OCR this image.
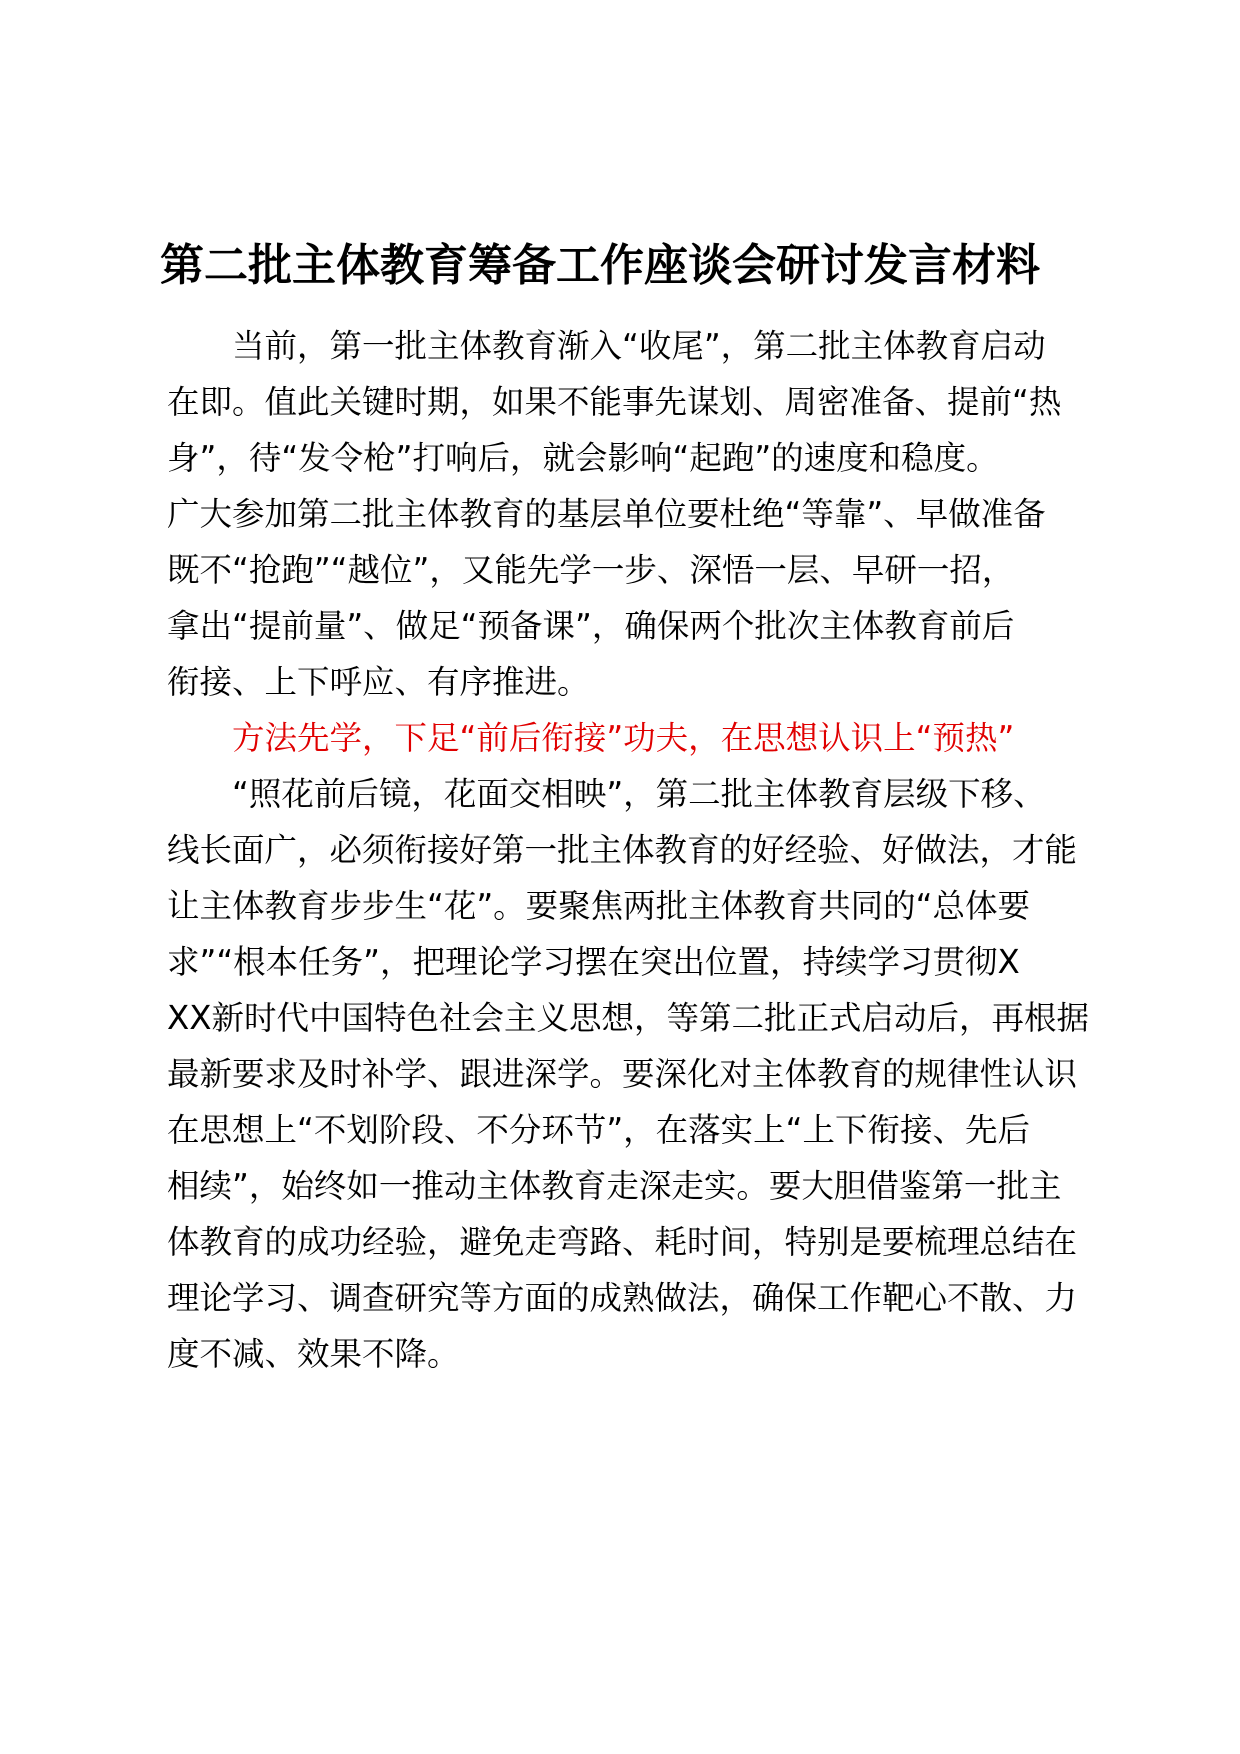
第二批主体教育筹备工作座谈会研讨发言材料
　　当前，第一批主体教育渐入“收尾”，第二批主体教育启动
在即。值此关键时期，如果不能事先谋划、周密准备、提前“热
身”，待“发令枪”打响后，就会影响“起跑”的速度和稳度。
广大参加第二批主体教育的基层单位要杜绝“等靠”、早做准备
既不“抢跑”“越位”，又能先学一步、深悟一层、早研一招，
拿出“提前量”、做足“预备课”，确保两个批次主体教育前后
衔接、上下呼应、有序推进。
　　方法先学，下足“前后衔接”功夫，在思想认识上“预热”
　　“照花前后镜，花面交相映”，第二批主体教育层级下移、
线长面广，必须衔接好第一批主体教育的好经验、好做法，才能
让主体教育步步生“花”。要聚焦两批主体教育共同的“总体要
求”“根本任务”，把理论学习摆在突出位置，持续学习贯彻X
XX新时代中国特色社会主义思想，等第二批正式启动后，再根据
最新要求及时补学、跟进深学。要深化对主体教育的规律性认识
在思想上“不划阶段、不分环节”，在落实上“上下衔接、先后
相续”，始终如一推动主体教育走深走实。要大胆借鉴第一批主
体教育的成功经验，避免走弯路、耗时间，特别是要梳理总结在
理论学习、调查研究等方面的成熟做法，确保工作靶心不散、力
度不减、效果不降。
